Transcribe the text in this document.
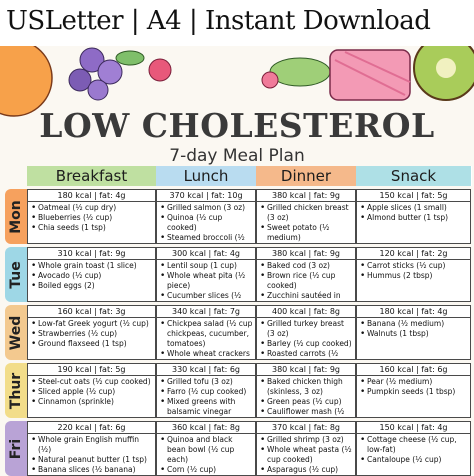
USLetter | A4 | Instant Download
LOW CHOLESTEROL
7-day Meal Plan
Breakfast	Lunch	Dinner	Snack
Mon
180 kcal | fat: 4g
• Oatmeal (½ cup dry)
• Blueberries (½ cup)
• Chia seeds (1 tsp)
370 kcal | fat: 10g
• Grilled salmon (3 oz)
• Quinoa (½ cup cooked)
• Steamed broccoli (½
380 kcal | fat: 9g
• Grilled chicken breast (3 oz)
• Sweet potato (½ medium)
•
150 kcal | fat: 5g
• Apple slices (1 small)
• Almond butter (1 tsp)
Tue
310 kcal | fat: 9g
• Whole grain toast (1 slice)
• Avocado (½ cup)
• Boiled eggs (2)
300 kcal | fat: 4g
• Lentil soup (1 cup)
• Whole wheat pita (½ piece)
• Cucumber slices (½
380 kcal | fat: 9g
• Baked cod (3 oz)
• Brown rice (½ cup cooked)
• Zucchini sautéed in
120 kcal | fat: 2g
• Carrot sticks (½ cup)
• Hummus (2 tbsp)
Wed
160 kcal | fat: 3g
• Low-fat Greek yogurt (½ cup)
• Strawberries (½ cup)
• Ground flaxseed (1 tsp)
340 kcal | fat: 7g
• Chickpea salad (½ cup chickpeas, cucumber, tomatoes)
• Whole wheat crackers
400 kcal | fat: 8g
• Grilled turkey breast (3 oz)
• Barley (½ cup cooked)
• Roasted carrots (½
180 kcal | fat: 4g
• Banana (½ medium)
• Walnuts (1 tbsp)
Thur
190 kcal | fat: 5g
• Steel-cut oats (½ cup cooked)
• Sliced apple (½ cup)
• Cinnamon (sprinkle)
330 kcal | fat: 6g
• Grilled tofu (3 oz)
• Farro (½ cup cooked)
• Mixed greens with balsamic vinegar
380 kcal | fat: 9g
• Baked chicken thigh (skinless, 3 oz)
• Green peas (½ cup)
• Cauliflower mash (½
160 kcal | fat: 6g
• Pear (½ medium)
• Pumpkin seeds (1 tbsp)
Fri
220 kcal | fat: 6g
• Whole grain English muffin (½)
• Natural peanut butter (1 tsp)
• Banana slices (½ banana)
360 kcal | fat: 8g
• Quinoa and black bean bowl (½ cup each)
• Corn (½ cup)
•
370 kcal | fat: 8g
• Grilled shrimp (3 oz)
• Whole wheat pasta (½ cup cooked)
• Asparagus (½ cup)
150 kcal | fat: 4g
• Cottage cheese (½ cup, low-fat)
• Cantaloupe (½ cup)
